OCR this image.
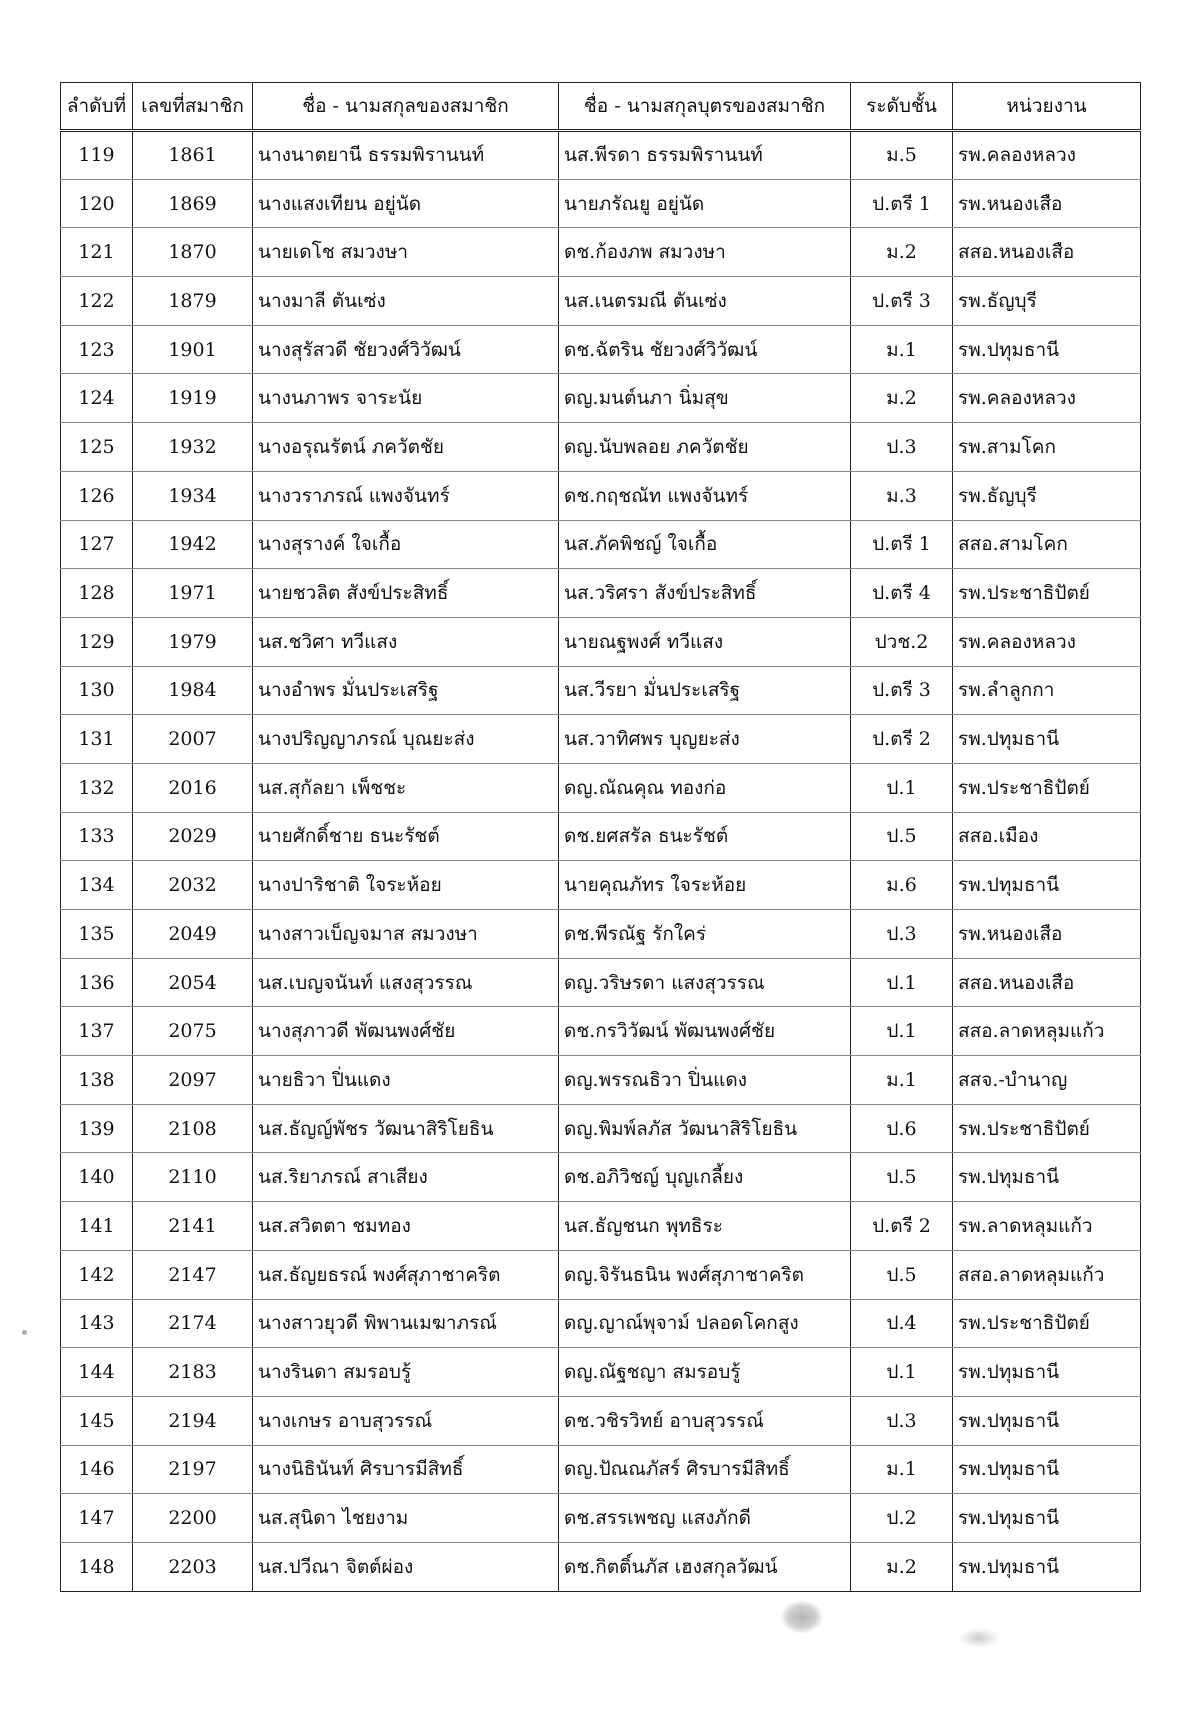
ลำดับที่	เลขที่สมาชิก	ชื่อ - นามสกุลของสมาชิก	ชื่อ - นามสกุลบุตรของสมาชิก	ระดับชั้น	หน่วยงาน
119	1861	นางนาตยานี ธรรมพิรานนท์	นส.พีรดา ธรรมพิรานนท์	ม.5	รพ.คลองหลวง
120	1869	นางแสงเทียน อยู่นัด	นายภรัณยู อยู่นัด	ป.ตรี 1	รพ.หนองเสือ
121	1870	นายเดโช สมวงษา	ดช.ก้องภพ สมวงษา	ม.2	สสอ.หนองเสือ
122	1879	นางมาลี ตันเซ่ง	นส.เนตรมณี ตันเซ่ง	ป.ตรี 3	รพ.ธัญบุรี
123	1901	นางสุรัสวดี ชัยวงศ์วิวัฒน์	ดช.ฉัตริน ชัยวงศ์วิวัฒน์	ม.1	รพ.ปทุมธานี
124	1919	นางนภาพร จาระนัย	ดญ.มนต์นภา นิ่มสุข	ม.2	รพ.คลองหลวง
125	1932	นางอรุณรัตน์ ภควัตชัย	ดญ.นับพลอย ภควัตชัย	ป.3	รพ.สามโคก
126	1934	นางวราภรณ์ แพงจันทร์	ดช.กฤชณัท แพงจันทร์	ม.3	รพ.ธัญบุรี
127	1942	นางสุรางค์ ใจเกื้อ	นส.ภัคพิชญ์ ใจเกื้อ	ป.ตรี 1	สสอ.สามโคก
128	1971	นายชวลิต สังข์ประสิทธิ์	นส.วริศรา สังข์ประสิทธิ์	ป.ตรี 4	รพ.ประชาธิปัตย์
129	1979	นส.ชวิศา ทวีแสง	นายณฐพงศ์ ทวีแสง	ปวช.2	รพ.คลองหลวง
130	1984	นางอำพร มั่นประเสริฐ	นส.วีรยา มั่นประเสริฐ	ป.ตรี 3	รพ.ลำลูกกา
131	2007	นางปริญญาภรณ์ บุณยะส่ง	นส.วาทิศพร บุญยะส่ง	ป.ตรี 2	รพ.ปทุมธานี
132	2016	นส.สุกัลยา เพ็ชชะ	ดญ.ณัณคุณ ทองก่อ	ป.1	รพ.ประชาธิปัตย์
133	2029	นายศักดิ์ชาย ธนะรัชต์	ดช.ยศสรัล ธนะรัชต์	ป.5	สสอ.เมือง
134	2032	นางปาริชาติ ใจระห้อย	นายคุณภัทร ใจระห้อย	ม.6	รพ.ปทุมธานี
135	2049	นางสาวเบ็ญจมาส สมวงษา	ดช.พีรณัฐ รักใคร่	ป.3	รพ.หนองเสือ
136	2054	นส.เบญจนันท์ แสงสุวรรณ	ดญ.วริษรดา แสงสุวรรณ	ป.1	สสอ.หนองเสือ
137	2075	นางสุภาวดี พัฒนพงศ์ชัย	ดช.กรวิวัฒน์ พัฒนพงศ์ชัย	ป.1	สสอ.ลาดหลุมแก้ว
138	2097	นายธิวา ปิ่นแดง	ดญ.พรรณธิวา ปิ่นแดง	ม.1	สสจ.-บำนาญ
139	2108	นส.ธัญญ์พัชร วัฒนาสิริโยธิน	ดญ.พิมพ์ลภัส วัฒนาสิริโยธิน	ป.6	รพ.ประชาธิปัตย์
140	2110	นส.ริยาภรณ์ สาเสียง	ดช.อภิวิชญ์ บุญเกลี้ยง	ป.5	รพ.ปทุมธานี
141	2141	นส.สวิตตา ชมทอง	นส.ธัญชนก พุทธิระ	ป.ตรี 2	รพ.ลาดหลุมแก้ว
142	2147	นส.ธัญยธรณ์ พงศ์สุภาชาคริต	ดญ.จิรันธนิน พงศ์สุภาชาคริต	ป.5	สสอ.ลาดหลุมแก้ว
143	2174	นางสาวยุวดี พิพานเมฆาภรณ์	ดญ.ญาณ์พุจาม์ ปลอดโคกสูง	ป.4	รพ.ประชาธิปัตย์
144	2183	นางรินดา สมรอบรู้	ดญ.ณัฐชญา สมรอบรู้	ป.1	รพ.ปทุมธานี
145	2194	นางเกษร อาบสุวรรณ์	ดช.วชิรวิทย์ อาบสุวรรณ์	ป.3	รพ.ปทุมธานี
146	2197	นางนิธินันท์ ศิรบารมีสิทธิ์	ดญ.ปัณณภัสร์ ศิรบารมีสิทธิ์	ม.1	รพ.ปทุมธานี
147	2200	นส.สุนิดา ไชยงาม	ดช.สรรเพชญ แสงภักดี	ป.2	รพ.ปทุมธานี
148	2203	นส.ปวีณา จิตต์ผ่อง	ดช.กิตติ์นภัส เฮงสกุลวัฒน์	ม.2	รพ.ปทุมธานี
